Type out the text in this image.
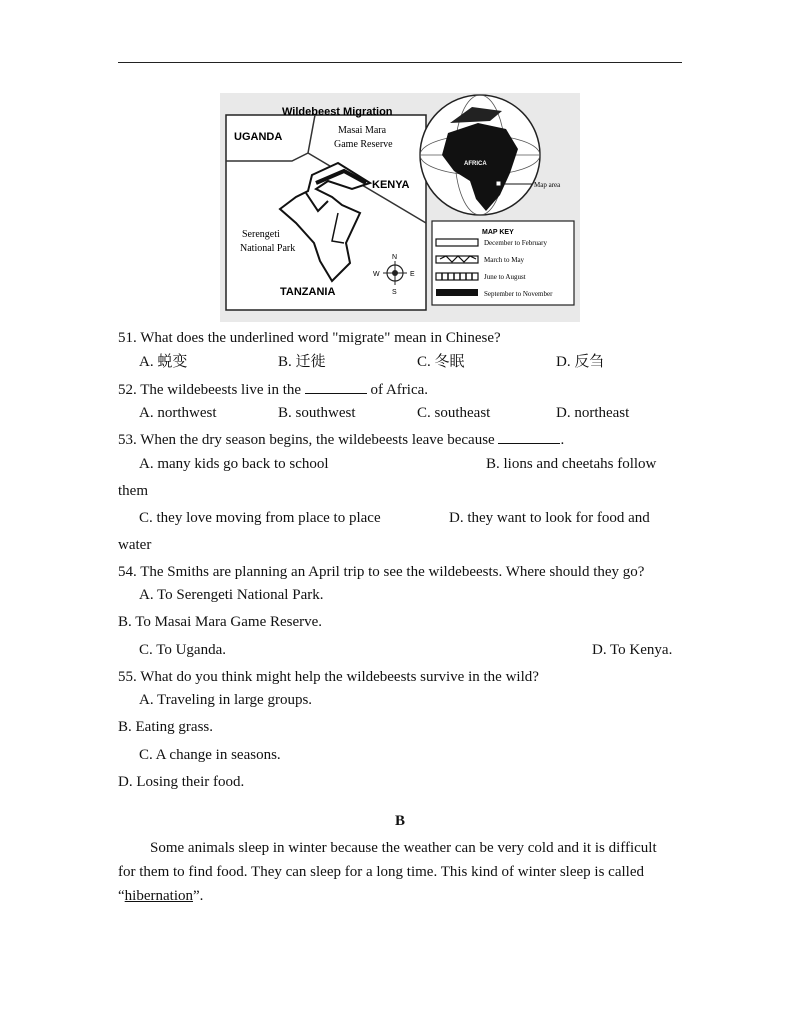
Wildebeest Migration
UGANDA
KENYA
TANZANIA
Masai Mara
Game Reserve
Serengeti
National Park
N
S
W	E
AFRICA
Map area
MAP KEY
December to February
March to May
June to August
September to November
51. What does the underlined word "migrate" mean in Chinese?
A. 蜕变	B. 迁徙	C. 冬眠	D. 反刍
52. The wildebeests live in the	of Africa.
A. northwest	B. southwest	C. southeast	D. northeast
53. When the dry season begins, the wildebeests leave because	.
A. many kids go back to school	B. lions and cheetahs follow
them
C. they love moving from place to place	D. they want to look for food and
water
54. The Smiths are planning an April trip to see the wildebeests. Where should they go?
A. To Serengeti National Park.
B. To Masai Mara Game Reserve.
C. To Uganda.	D. To Kenya.
55. What do you think might help the wildebeests survive in the wild?
A. Traveling in large groups.
B. Eating grass.
C. A change in seasons.
D. Losing their food.
B
Some animals sleep in winter because the weather can be very cold and it is difficult
for them to find food. They can sleep for a long time. This kind of winter sleep is called
“hibernation”.
